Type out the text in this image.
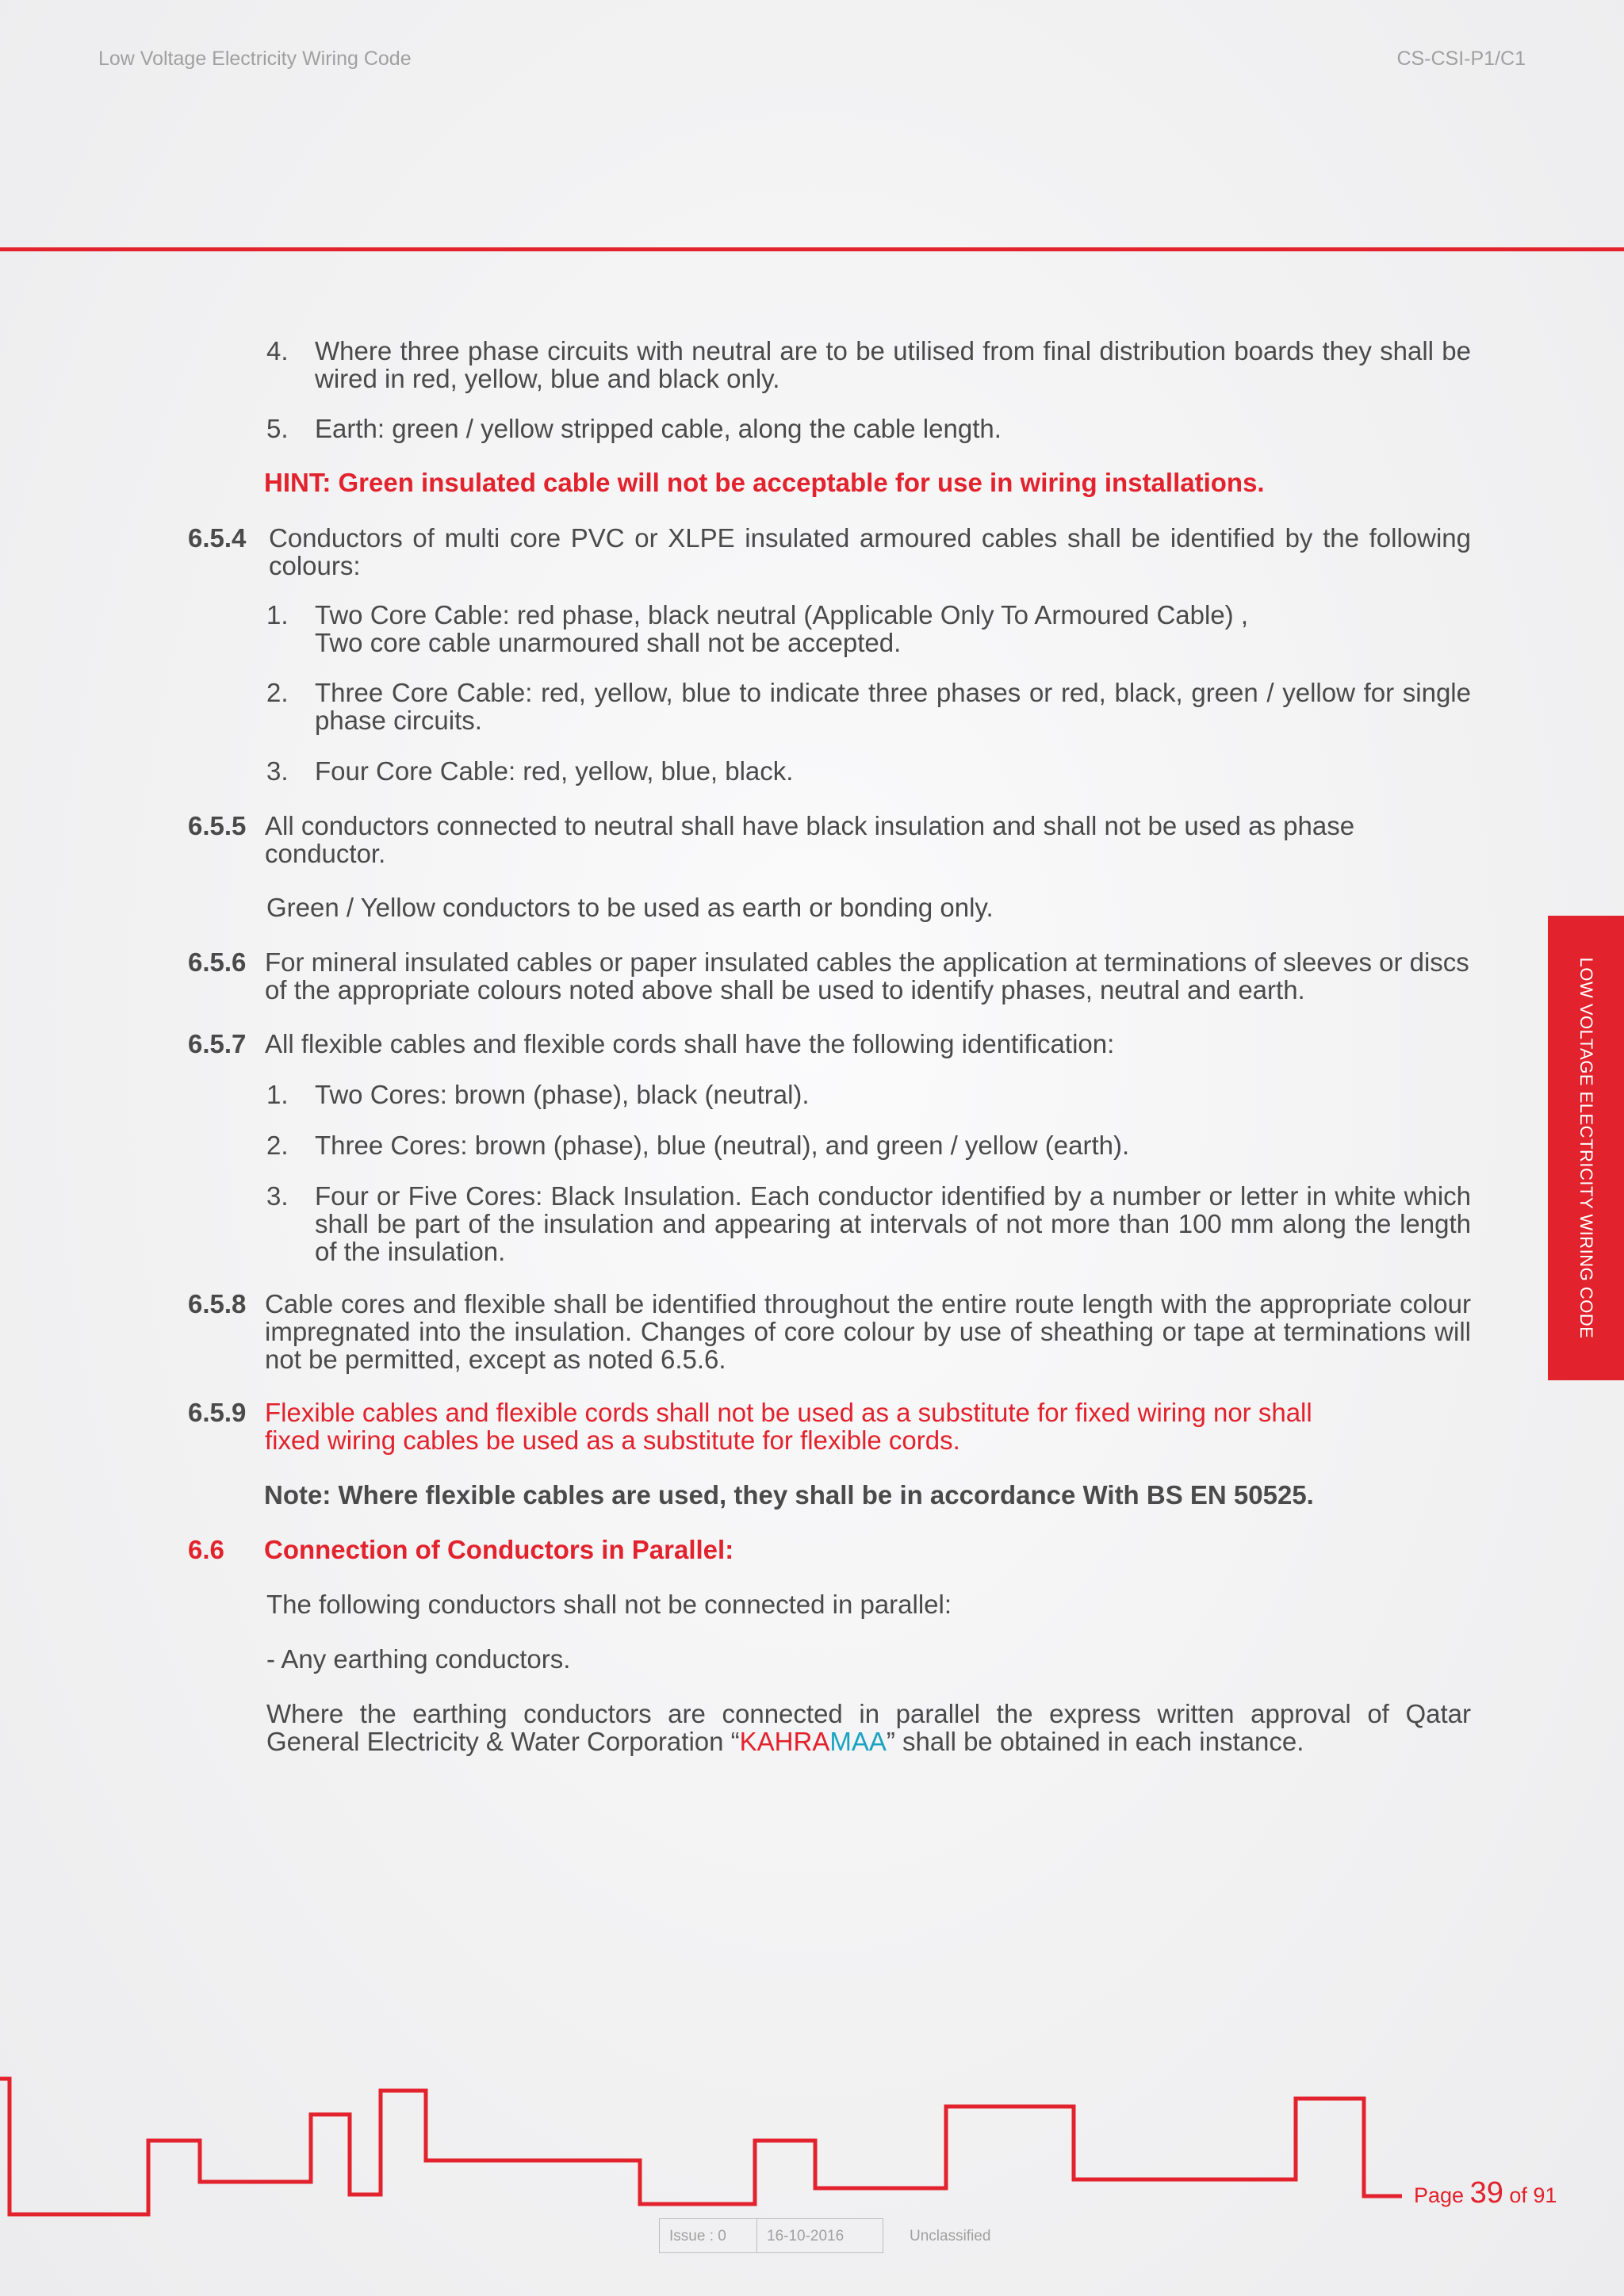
Low Voltage Electricity Wiring Code	CS-CSI-P1/C1
4. Where three phase circuits with neutral are to be utilised from final distribution boards they shall be wired in red, yellow, blue and black only.
5. Earth: green / yellow stripped cable, along the cable length.
HINT: Green insulated cable will not be acceptable for use in wiring installations.
6.5.4 Conductors of multi core PVC or XLPE insulated armoured cables shall be identified by the following colours:
1. Two Core Cable: red phase, black neutral (Applicable Only To Armoured Cable) ,
Two core cable unarmoured shall not be accepted.
2. Three Core Cable: red, yellow, blue to indicate three phases or red, black, green / yellow for single phase circuits.
3. Four Core Cable: red, yellow, blue, black.
6.5.5 All conductors connected to neutral shall have black insulation and shall not be used as phase conductor.
Green / Yellow conductors to be used as earth or bonding only.
6.5.6 For mineral insulated cables or paper insulated cables the application at terminations of sleeves or discs of the appropriate colours noted above shall be used to identify phases, neutral and earth.
6.5.7 All flexible cables and flexible cords shall have the following identification:
1. Two Cores: brown (phase), black (neutral).
2. Three Cores: brown (phase), blue (neutral), and green / yellow (earth).
3. Four or Five Cores: Black Insulation. Each conductor identified by a number or letter in white which shall be part of the insulation and appearing at intervals of not more than 100 mm along the length of the insulation.
6.5.8 Cable cores and flexible shall be identified throughout the entire route length with the appropriate colour impregnated into the insulation. Changes of core colour by use of sheathing or tape at terminations will not be permitted, except as noted 6.5.6.
6.5.9 Flexible cables and flexible cords shall not be used as a substitute for fixed wiring nor shall
fixed wiring cables be used as a substitute for flexible cords.
Note: Where flexible cables are used, they shall be in accordance With BS EN 50525.
6.6 Connection of Conductors in Parallel:
The following conductors shall not be connected in parallel:
- Any earthing conductors.
Where the earthing conductors are connected in parallel the express written approval of Qatar
General Electricity & Water Corporation “KAHRAMAA” shall be obtained in each instance.
LOW VOLTAGE ELECTRICITY WIRING CODE
Page 39 of 91
Issue : 0	16-10-2016	Unclassified
